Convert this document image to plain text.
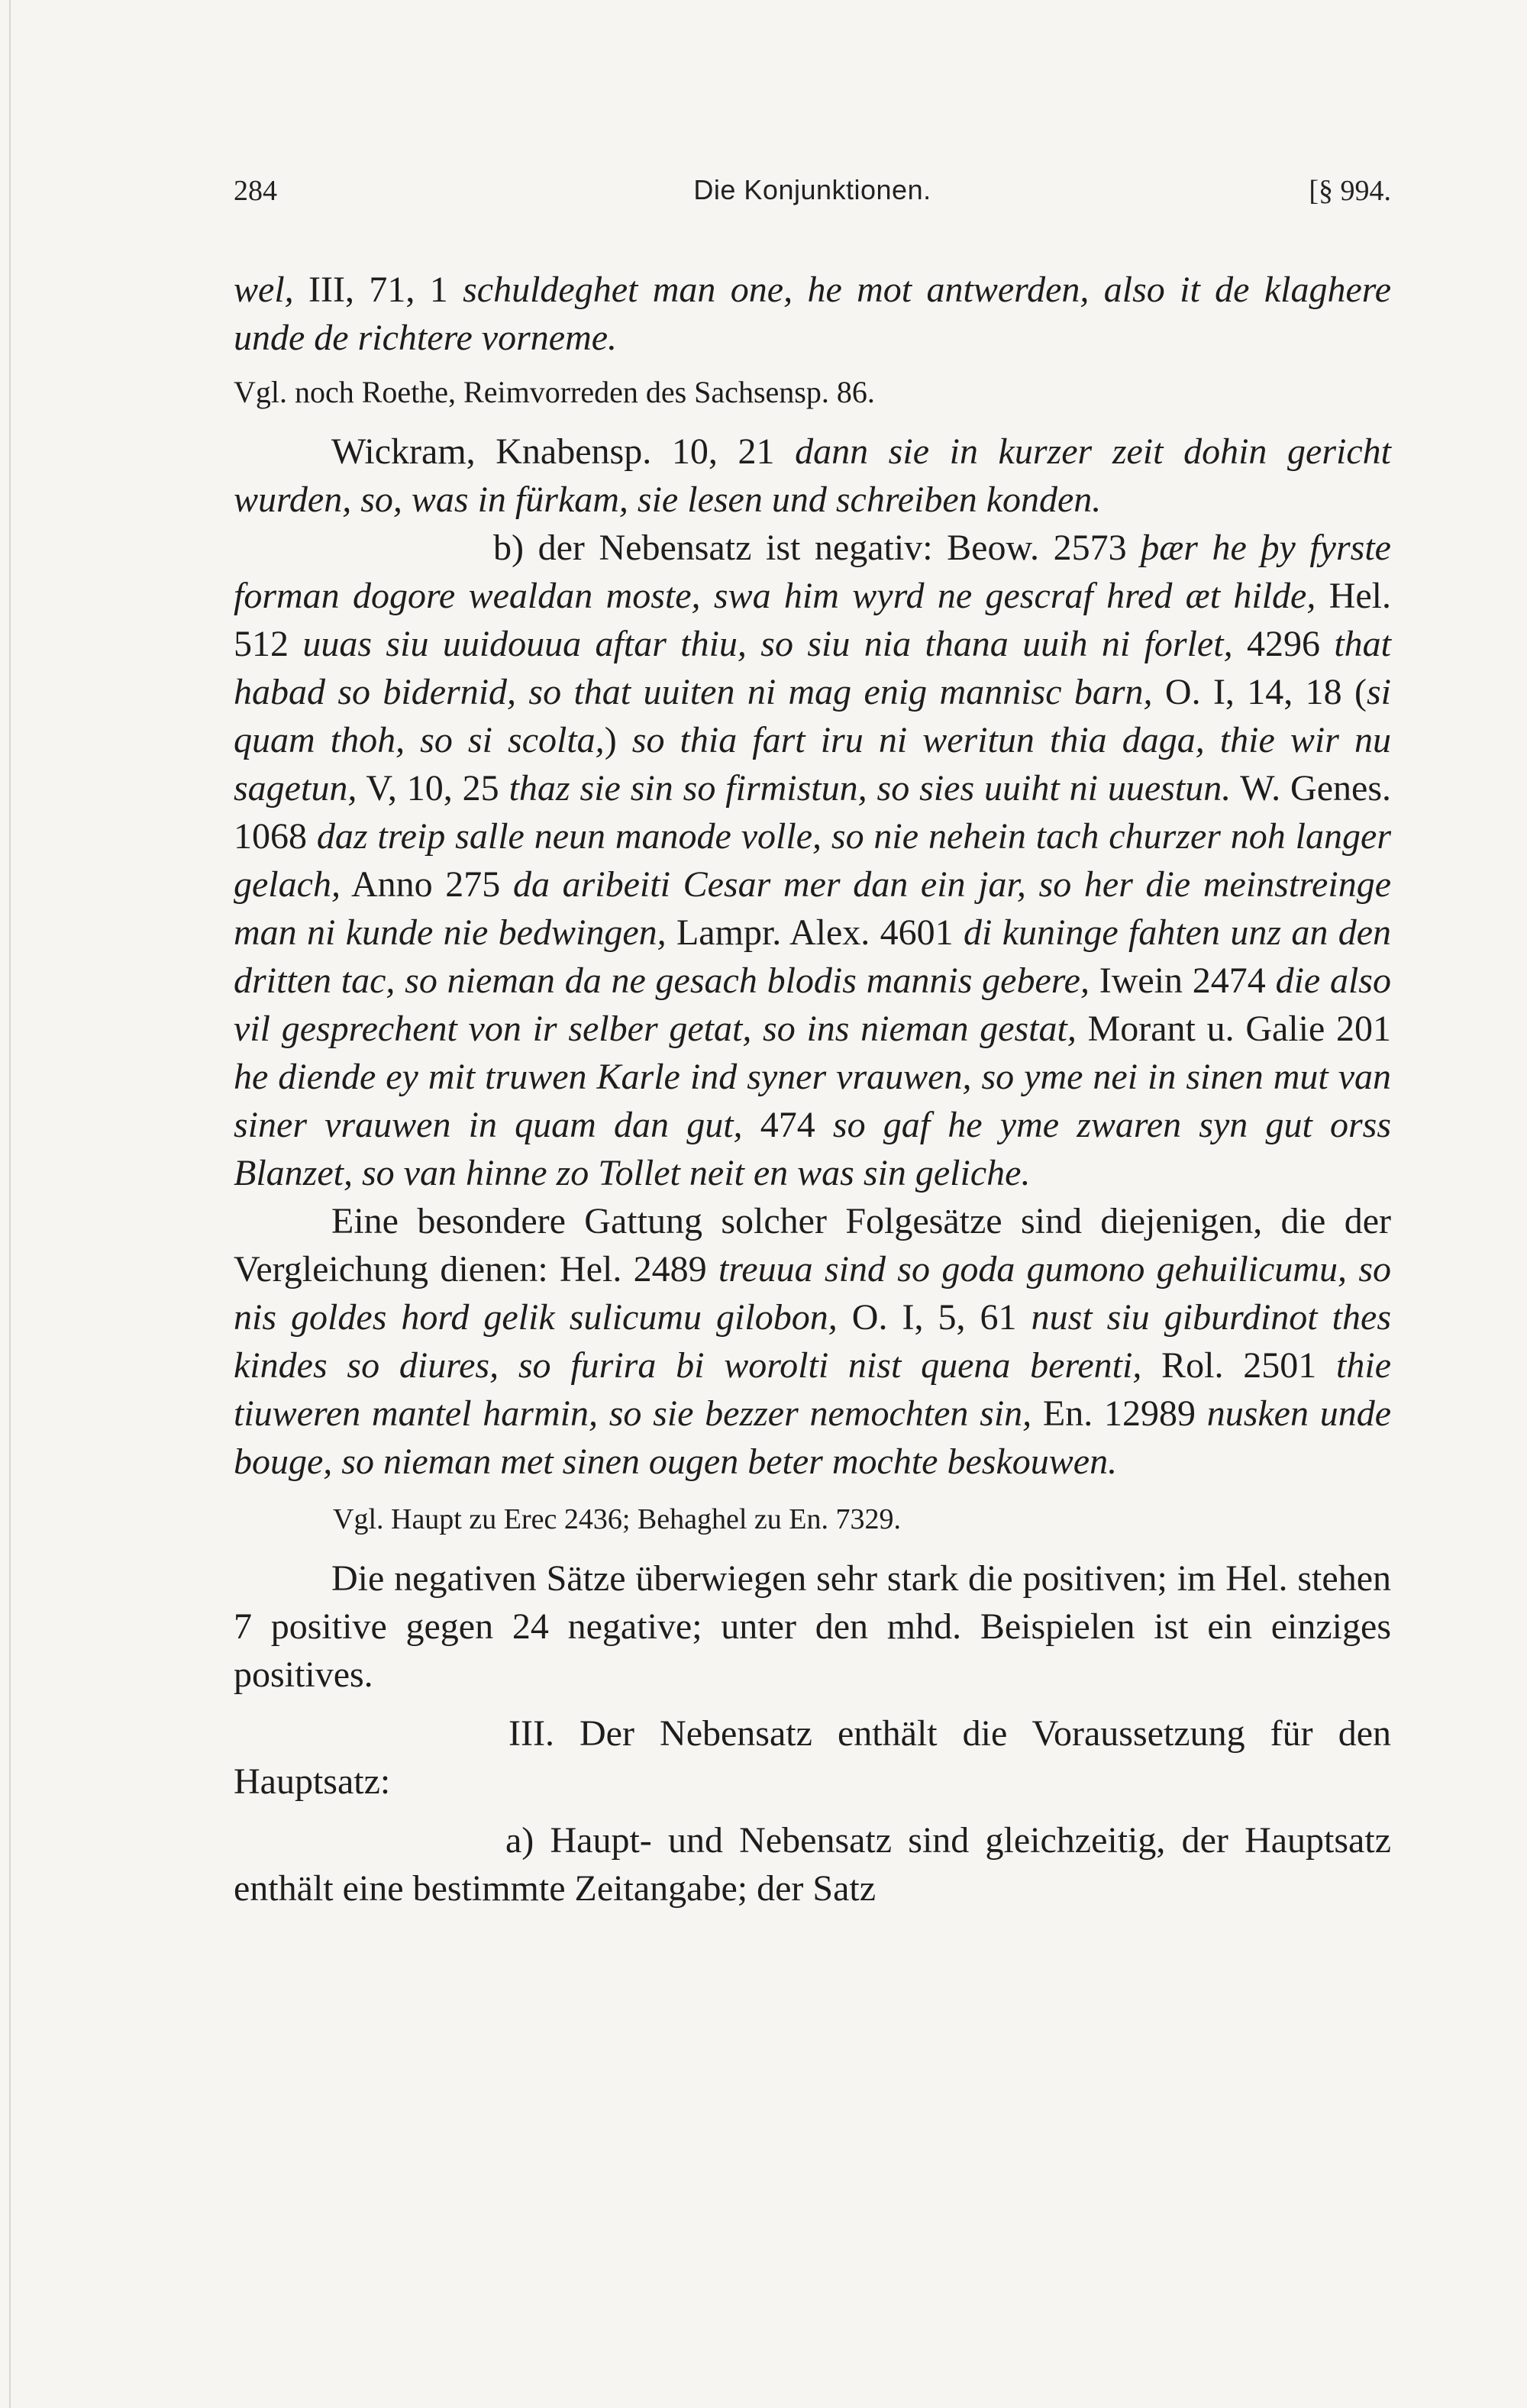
284	Die Konjunktionen.	[§ 994.

wel, III, 71, 1 schuldeghet man one, he mot antwerden, also it de klaghere unde de richtere vorneme.

Vgl. noch Roethe, Reimvorreden des Sachsensp. 86.

Wickram, Knabensp. 10, 21 dann sie in kurzer zeit dohin gericht wurden, so, was in fürkam, sie lesen und schreiben konden.

b) der Nebensatz ist negativ: Beow. 2573 þær he þy fyrste forman dogore wealdan moste, swa him wyrd ne gescraf hred æt hilde, Hel. 512 uuas siu uuidouua aftar thiu, so siu nia thana uuih ni forlet, 4296 that habad so bidernid, so that uuiten ni mag enig mannisc barn, O. I, 14, 18 (si quam thoh, so si scolta,) so thia fart iru ni weritun thia daga, thie wir nu sagetun, V, 10, 25 thaz sie sin so firmistun, so sies uuiht ni uuestun. W. Genes. 1068 daz treip salle neun manode volle, so nie nehein tach churzer noh langer gelach, Anno 275 da aribeiti Cesar mer dan ein jar, so her die meinstreinge man ni kunde nie bedwingen, Lampr. Alex. 4601 di kuninge fahten unz an den dritten tac, so nieman da ne gesach blodis mannis gebere, Iwein 2474 die also vil gesprechent von ir selber getat, so ins nieman gestat, Morant u. Galie 201 he diende ey mit truwen Karle ind syner vrauwen, so yme nei in sinen mut van siner vrauwen in quam dan gut, 474 so gaf he yme zwaren syn gut orss Blanzet, so van hinne zo Tollet neit en was sin geliche.

Eine besondere Gattung solcher Folgesätze sind diejenigen, die der Vergleichung dienen: Hel. 2489 treuua sind so goda gumono gehuilicumu, so nis goldes hord gelik sulicumu gilobon, O. I, 5, 61 nust siu giburdinot thes kindes so diures, so furira bi worolti nist quena berenti, Rol. 2501 thie tiuweren mantel harmin, so sie bezzer nemochten sin, En. 12989 nusken unde bouge, so nieman met sinen ougen beter mochte beskouwen.

Vgl. Haupt zu Erec 2436; Behaghel zu En. 7329.

Die negativen Sätze überwiegen sehr stark die positiven; im Hel. stehen 7 positive gegen 24 negative; unter den mhd. Beispielen ist ein einziges positives.

III. Der Nebensatz enthält die Voraussetzung für den Hauptsatz:

a) Haupt- und Nebensatz sind gleichzeitig, der Hauptsatz enthält eine bestimmte Zeitangabe; der Satz
